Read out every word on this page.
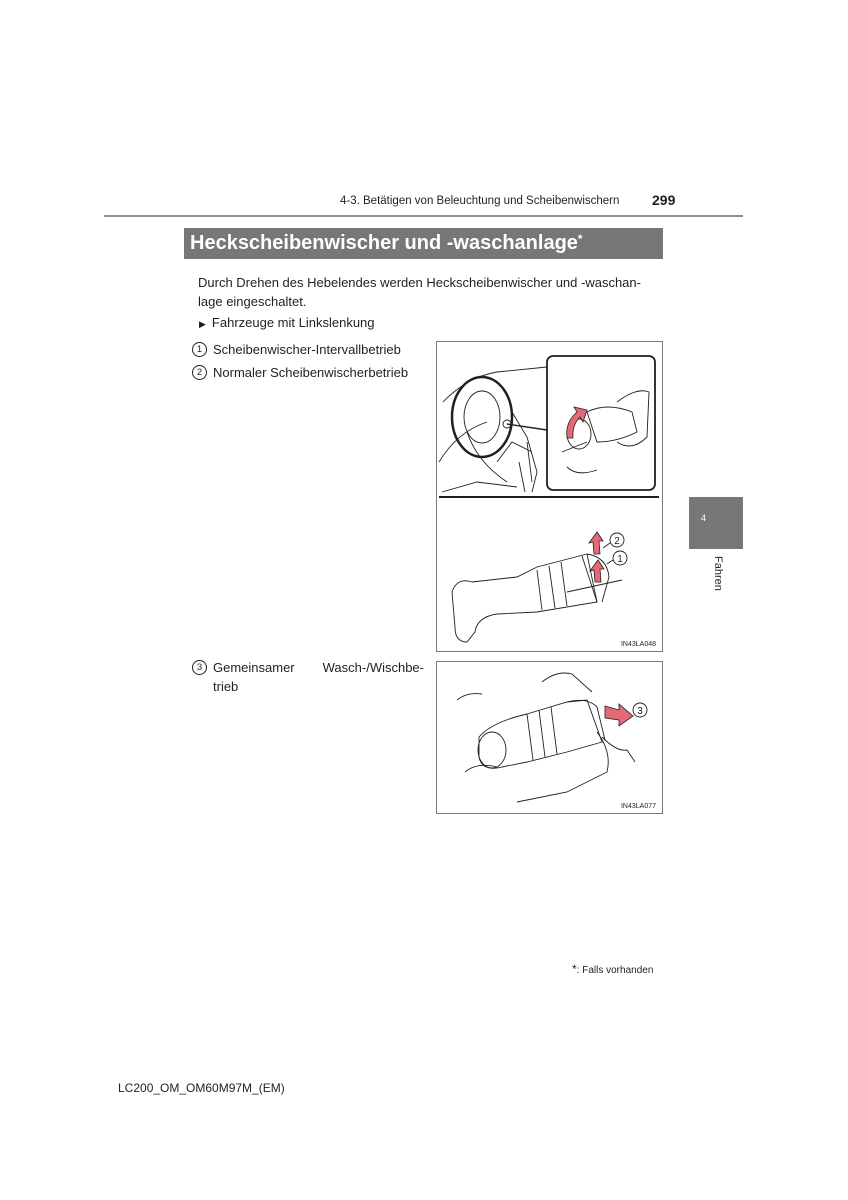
4-3. Betätigen von Beleuchtung und Scheibenwischern 299
Heckscheibenwischer und -waschanlage*
Durch Drehen des Hebelendes werden Heckscheibenwischer und -waschan-
lage eingeschaltet.
▶ Fahrzeuge mit Linkslenkung
1 Scheibenwischer-Intervallbetrieb
2 Normaler Scheibenwischerbetrieb
3 Gemeinsamer Wasch-/Wischbe-
trieb
2
1
IN43LA048
3
IN43LA077
4
Fahren
*: Falls vorhanden
LC200_OM_OM60M97M_(EM)
